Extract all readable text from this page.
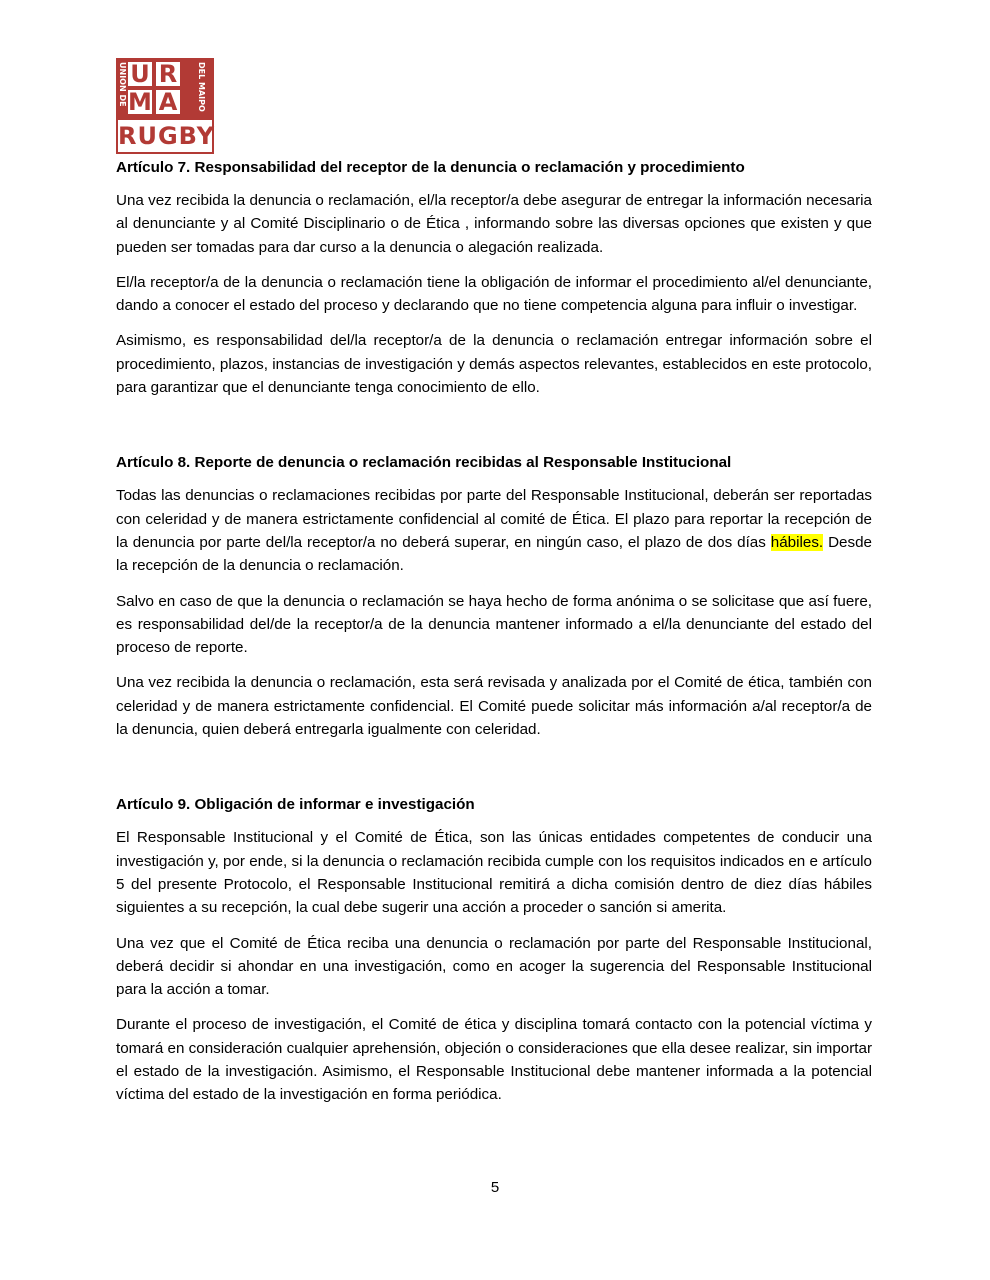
U R
M A
RUGBY
UNION DE	DEL MAIPO
Artículo 7. Responsabilidad del receptor de la denuncia o reclamación y procedimiento

Una vez recibida la denuncia o reclamación, el/la receptor/a debe asegurar de entregar la información necesaria al denunciante y al Comité Disciplinario o de Ética , informando sobre las diversas opciones que existen y que pueden ser tomadas para dar curso a la denuncia o alegación realizada.

El/la receptor/a de la denuncia o reclamación tiene la obligación de informar el procedimiento al/el denunciante, dando a conocer el estado del proceso y declarando que no tiene competencia alguna para influir o investigar.

Asimismo, es responsabilidad del/la receptor/a de la denuncia o reclamación entregar información sobre el procedimiento, plazos, instancias de investigación y demás aspectos relevantes, establecidos en este protocolo, para garantizar que el denunciante tenga conocimiento de ello.

Artículo 8. Reporte de denuncia o reclamación recibidas al Responsable Institucional

Todas las denuncias o reclamaciones recibidas por parte del Responsable Institucional, deberán ser reportadas con celeridad y de manera estrictamente confidencial al comité de Ética. El plazo para reportar la recepción de la denuncia por parte del/la receptor/a no deberá superar, en ningún caso, el plazo de dos días hábiles. Desde la recepción de la denuncia o reclamación.

Salvo en caso de que la denuncia o reclamación se haya hecho de forma anónima o se solicitase que así fuere, es responsabilidad del/de la receptor/a de la denuncia mantener informado a el/la denunciante del estado del proceso de reporte.

Una vez recibida la denuncia o reclamación, esta será revisada y analizada por el Comité de ética, también con celeridad y de manera estrictamente confidencial. El Comité puede solicitar más información a/al receptor/a de la denuncia, quien deberá entregarla igualmente con celeridad.

Artículo 9. Obligación de informar e investigación

El Responsable Institucional y el Comité de Ética, son las únicas entidades competentes de conducir una investigación y, por ende, si la denuncia o reclamación recibida cumple con los requisitos indicados en e artículo 5 del presente Protocolo, el Responsable Institucional remitirá a dicha comisión dentro de diez días hábiles siguientes a su recepción, la cual debe sugerir una acción a proceder o sanción si amerita.

Una vez que el Comité de Ética reciba una denuncia o reclamación por parte del Responsable Institucional, deberá decidir si ahondar en una investigación, como en acoger la sugerencia del Responsable Institucional para la acción a tomar.

Durante el proceso de investigación, el Comité de ética y disciplina tomará contacto con la potencial víctima y tomará en consideración cualquier aprehensión, objeción o consideraciones que ella desee realizar, sin importar el estado de la investigación. Asimismo, el Responsable Institucional debe mantener informada a la potencial víctima del estado de la investigación en forma periódica.

5
